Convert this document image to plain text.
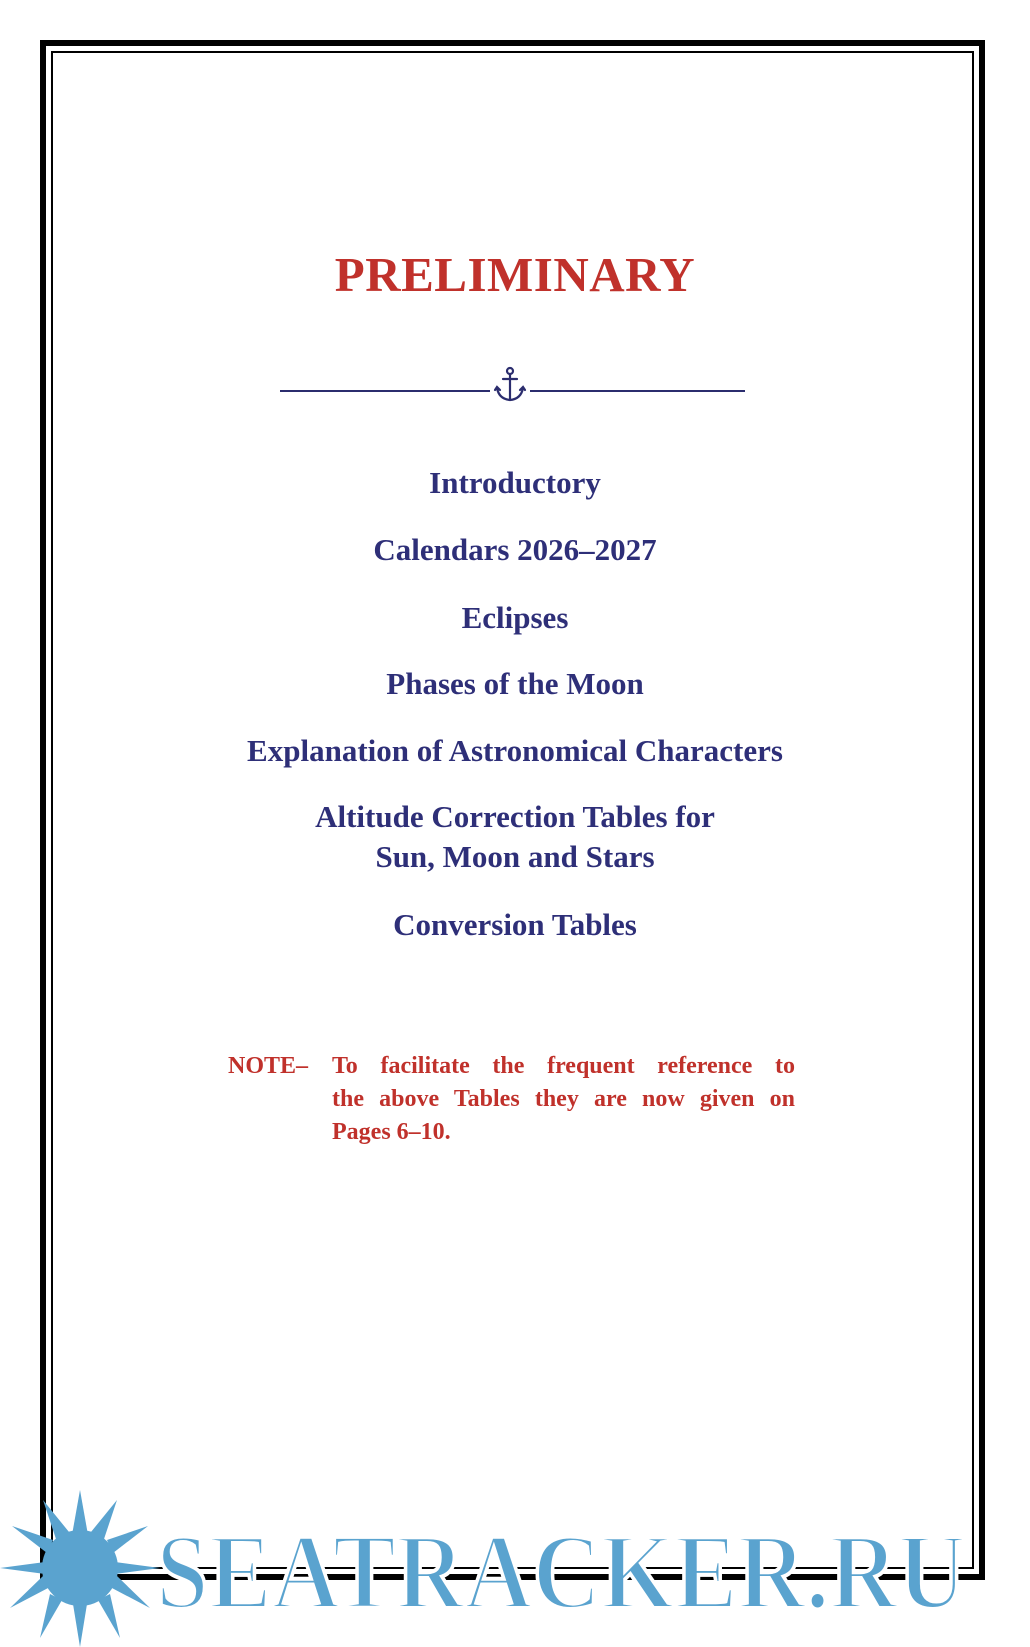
PRELIMINARY
Introductory
Calendars 2026–2027
Eclipses
Phases of the Moon
Explanation of Astronomical Characters
Altitude Correction Tables for
Sun, Moon and Stars
Conversion Tables
NOTE– To facilitate the frequent reference to
the above Tables they are now given on
Pages 6–10.
SEATRACKER.RU
